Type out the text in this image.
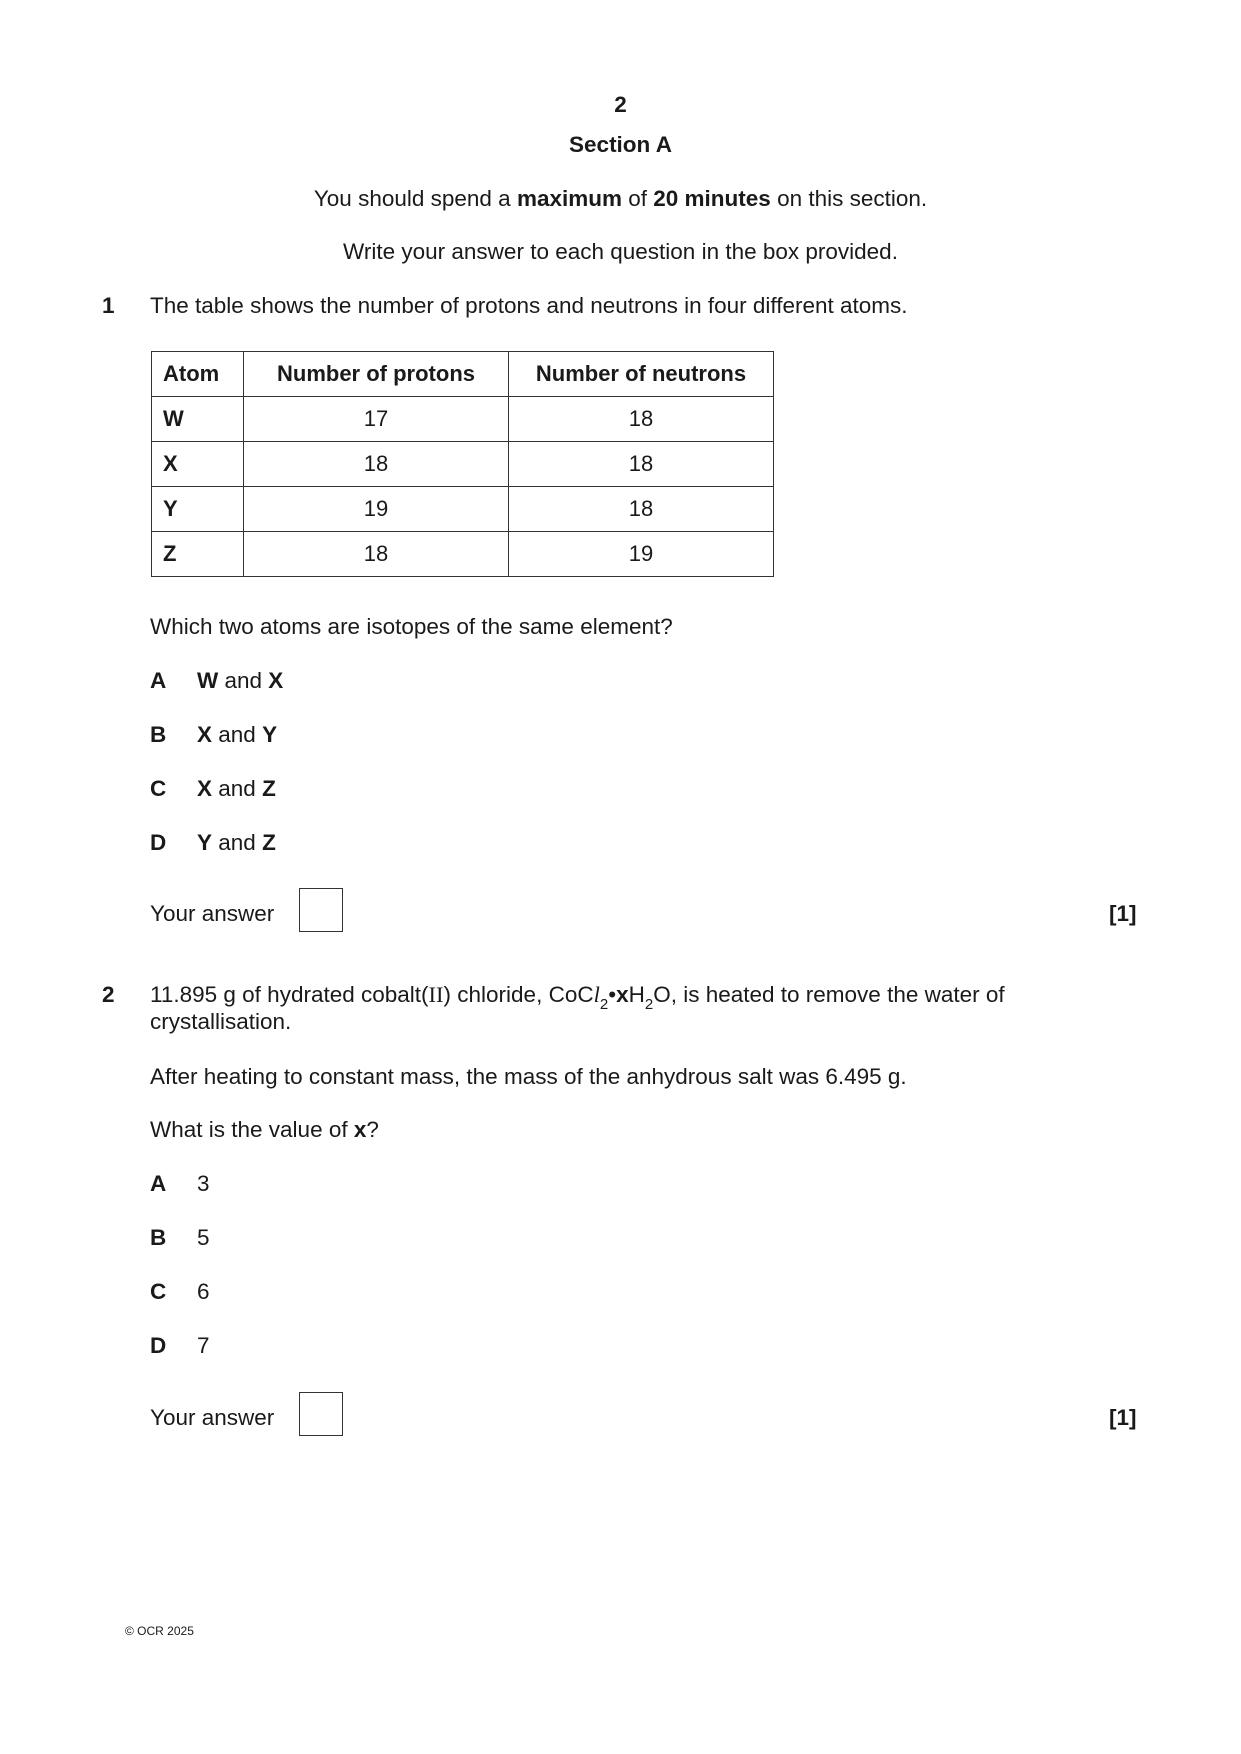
2
Section A
You should spend a maximum of 20 minutes on this section.
Write your answer to each question in the box provided.
1 The table shows the number of protons and neutrons in four different atoms.
Atom	Number of protons	Number of neutrons
W	17	18
X	18	18
Y	19	18
Z	18	19
Which two atoms are isotopes of the same element?
A W and X
B X and Y
C X and Z
D Y and Z
Your answer	[1]
2 11.895 g of hydrated cobalt(II) chloride, $CoCl_2•xH_2O$, is heated to remove the water of
crystallisation.
After heating to constant mass, the mass of the anhydrous salt was 6.495 g.
What is the value of x?
A 3
B 5
C 6
D 7
Your answer	[1]
© OCR 2025
